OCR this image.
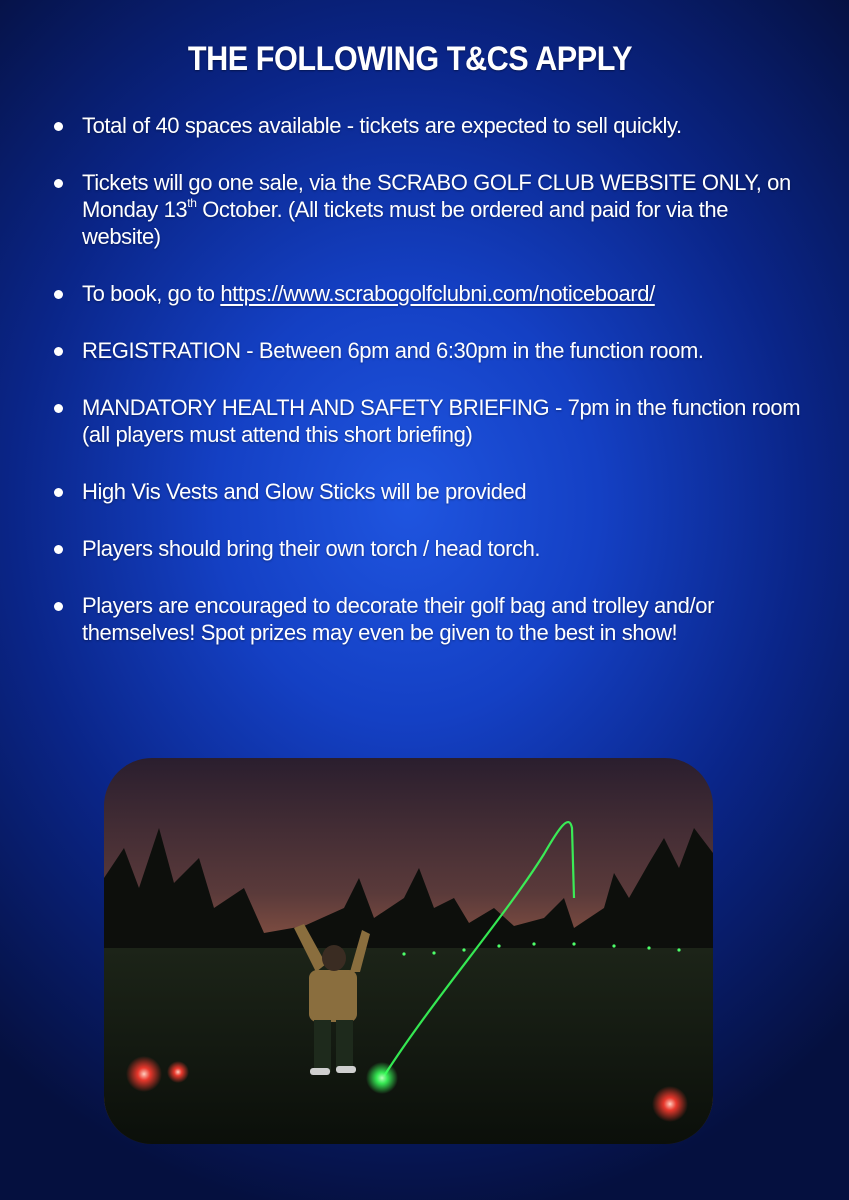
THE FOLLOWING T&CS APPLY
Total of 40 spaces available - tickets are expected to sell quickly.
Tickets will go one sale, via the SCRABO GOLF CLUB WEBSITE ONLY, on Monday 13th October. (All tickets must be ordered and paid for via the website)
To book, go to https://www.scrabogolfclubni.com/noticeboard/
REGISTRATION - Between 6pm and 6:30pm in the function room.
MANDATORY HEALTH AND SAFETY BRIEFING - 7pm in the function room (all players must attend this short briefing)
High Vis Vests and Glow Sticks will be provided
Players should bring their own torch / head torch.
Players are encouraged to decorate their golf bag and trolley and/or themselves! Spot prizes may even be given to the best in show!
